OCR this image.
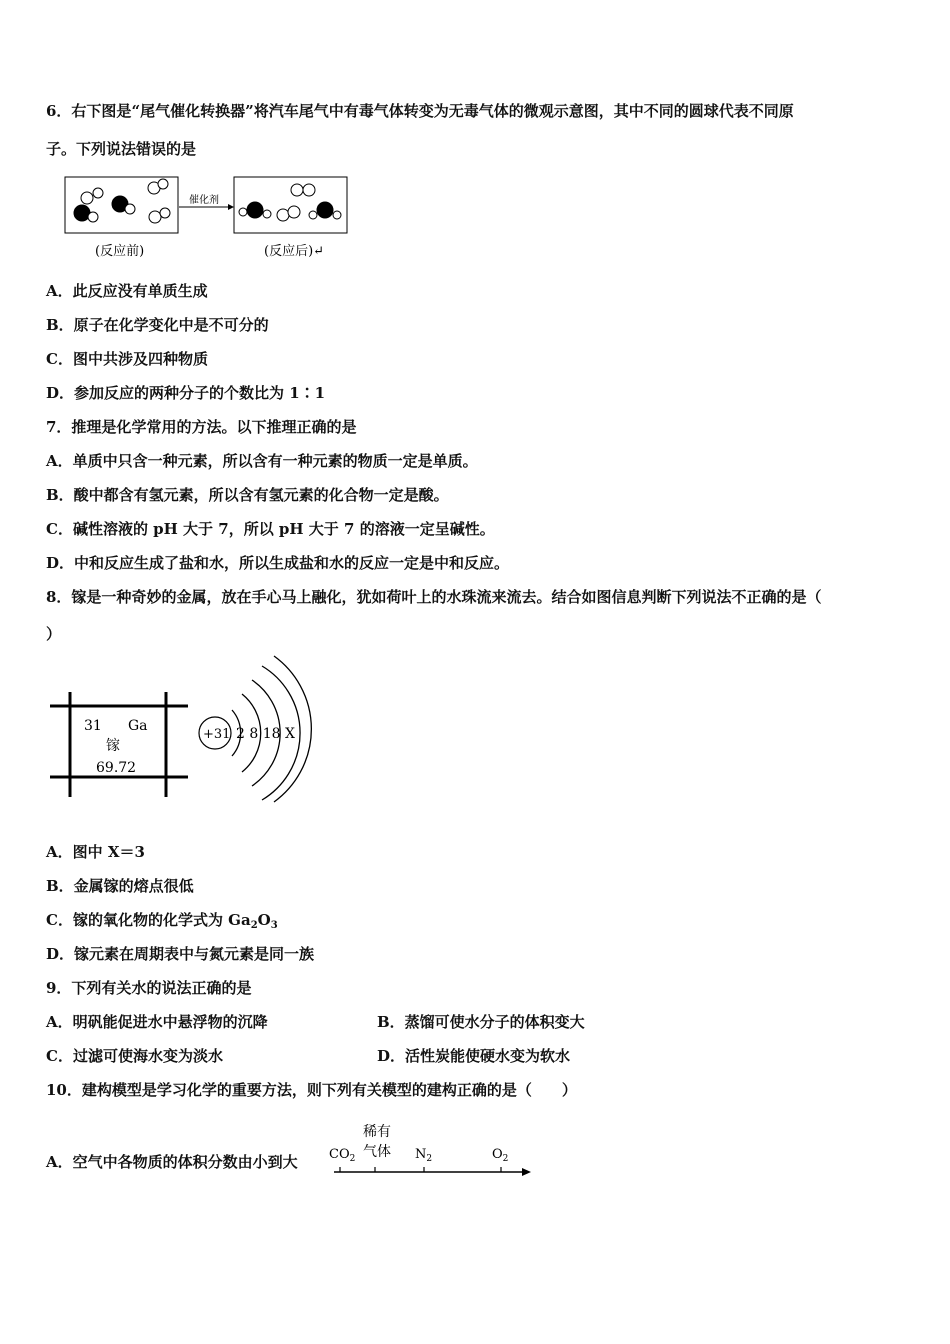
6．右下图是“尾气催化转换器”将汽车尾气中有毒气体转变为无毒气体的微观示意图，其中不同的圆球代表不同原
子。下列说法错误的是
催化剂
(反应前)	(反应后)↵
A．此反应没有单质生成
B．原子在化学变化中是不可分的
C．图中共涉及四种物质
D．参加反应的两种分子的个数比为 1∶1
7．推理是化学常用的方法。以下推理正确的是
A．单质中只含一种元素，所以含有一种元素的物质一定是单质。
B．酸中都含有氢元素，所以含有氢元素的化合物一定是酸。
C．碱性溶液的 pH 大于 7，所以 pH 大于 7 的溶液一定呈碱性。
D．中和反应生成了盐和水，所以生成盐和水的反应一定是中和反应。
8．镓是一种奇妙的金属，放在手心马上融化，犹如荷叶上的水珠流来流去。结合如图信息判断下列说法不正确的是（
）
31 Ga
镓
69.72
+31 2 8 18 X
A．图中 X＝3
B．金属镓的熔点很低
C．镓的氧化物的化学式为 $Ga_2O_3$
D．镓元素在周期表中与氮元素是同一族
9．下列有关水的说法正确的是
A．明矾能促进水中悬浮物的沉降	B．蒸馏可使水分子的体积变大
C．过滤可使海水变为淡水	D．活性炭能使硬水变为软水
10．建构模型是学习化学的重要方法，则下列有关模型的建构正确的是（　　）
A．空气中各物质的体积分数由小到大 $CO_2$
稀有
气体 $N_2$	$O_2$
